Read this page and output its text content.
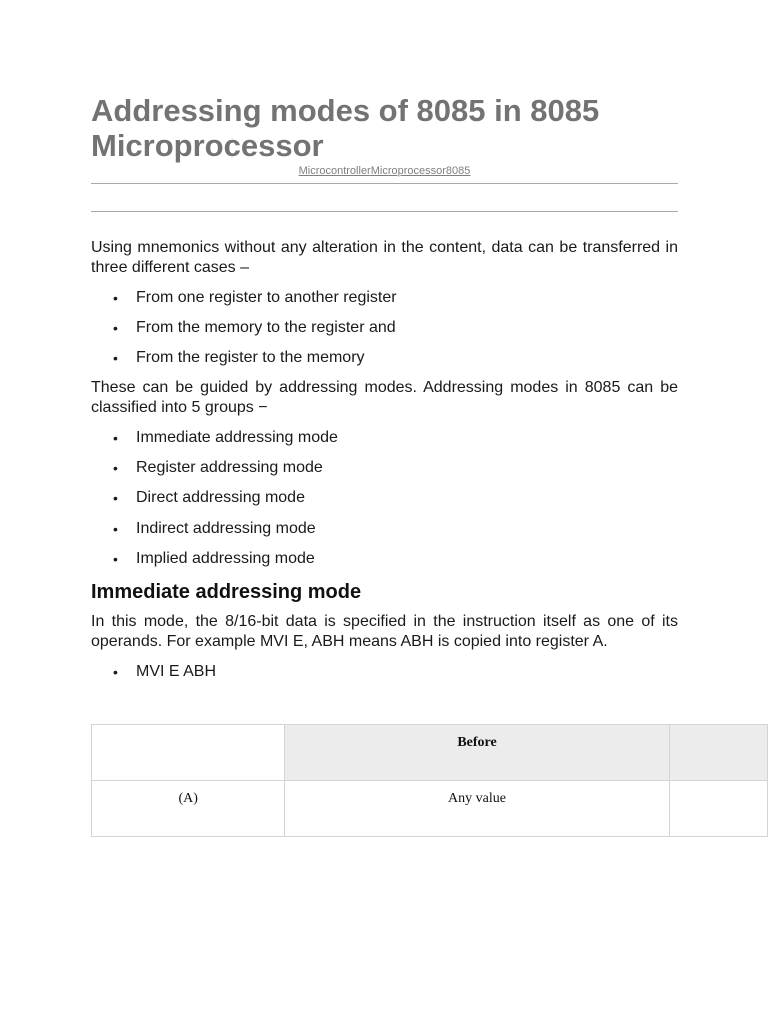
Addressing modes of 8085 in 8085 Microprocessor
MicrocontrollerMicroprocessor8085

Using mnemonics without any alteration in the content, data can be transferred in three different cases –

• From one register to another register
• From the memory to the register and
• From the register to the memory

These can be guided by addressing modes. Addressing modes in 8085 can be classified into 5 groups −

• Immediate addressing mode
• Register addressing mode
• Direct addressing mode
• Indirect addressing mode
• Implied addressing mode
Immediate addressing mode

In this mode, the 8/16-bit data is specified in the instruction itself as one of its operands. For example MVI E, ABH means ABH is copied into register A.

• MVI E ABH
	Before	
(A)	Any value	
